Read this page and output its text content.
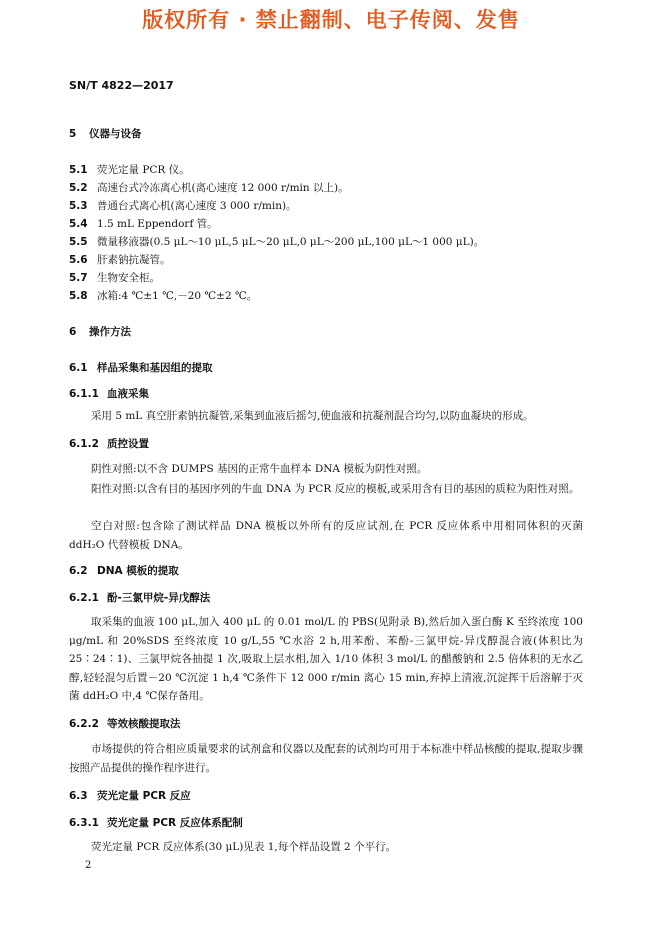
版权所有 · 禁止翻制、电子传阅、发售
SN/T 4822—2017
5 仪器与设备
5.1 荧光定量 PCR 仪。
5.2 高速台式冷冻离心机(离心速度 12 000 r/min 以上)。
5.3 普通台式离心机(离心速度 3 000 r/min)。
5.4 1.5 mL Eppendorf 管。
5.5 微量移液器(0.5 μL～10 μL,5 μL～20 μL,0 μL～200 μL,100 μL～1 000 μL)。
5.6 肝素钠抗凝管。
5.7 生物安全柜。
5.8 冰箱:4 ℃±1 ℃,－20 ℃±2 ℃。
6 操作方法
6.1 样品采集和基因组的提取
6.1.1 血液采集
采用 5 mL 真空肝素钠抗凝管,采集到血液后摇匀,使血液和抗凝剂混合均匀,以防血凝块的形成。
6.1.2 质控设置
阴性对照:以不含 DUMPS 基因的正常牛血样本 DNA 模板为阴性对照。
阳性对照:以含有目的基因序列的牛血 DNA 为 PCR 反应的模板,或采用含有目的基因的质粒为阳性对照。
空白对照:包含除了测试样品 DNA 模板以外所有的反应试剂,在 PCR 反应体系中用相同体积的灭菌 ddH₂O 代替模板 DNA。
6.2 DNA 模板的提取
6.2.1 酚-三氯甲烷-异戊醇法
取采集的血液 100 μL,加入 400 μL 的 0.01 mol/L 的 PBS(见附录 B),然后加入蛋白酶 K 至终浓度 100 μg/mL 和 20%SDS 至终浓度 10 g/L,55 ℃水浴 2 h,用苯酚、苯酚-三氯甲烷-异戊醇混合液(体积比为 25∶24∶1)、三氯甲烷各抽提 1 次,吸取上层水相,加入 1/10 体积 3 mol/L 的醋酸钠和 2.5 倍体积的无水乙醇,轻轻混匀后置－20 ℃沉淀 1 h,4 ℃条件下 12 000 r/min 离心 15 min,弃掉上清液,沉淀挥干后溶解于灭菌 ddH₂O 中,4 ℃保存备用。
6.2.2 等效核酸提取法
市场提供的符合相应质量要求的试剂盒和仪器以及配套的试剂均可用于本标准中样品核酸的提取,提取步骤按照产品提供的操作程序进行。
6.3 荧光定量 PCR 反应
6.3.1 荧光定量 PCR 反应体系配制
荧光定量 PCR 反应体系(30 μL)见表 1,每个样品设置 2 个平行。
2
